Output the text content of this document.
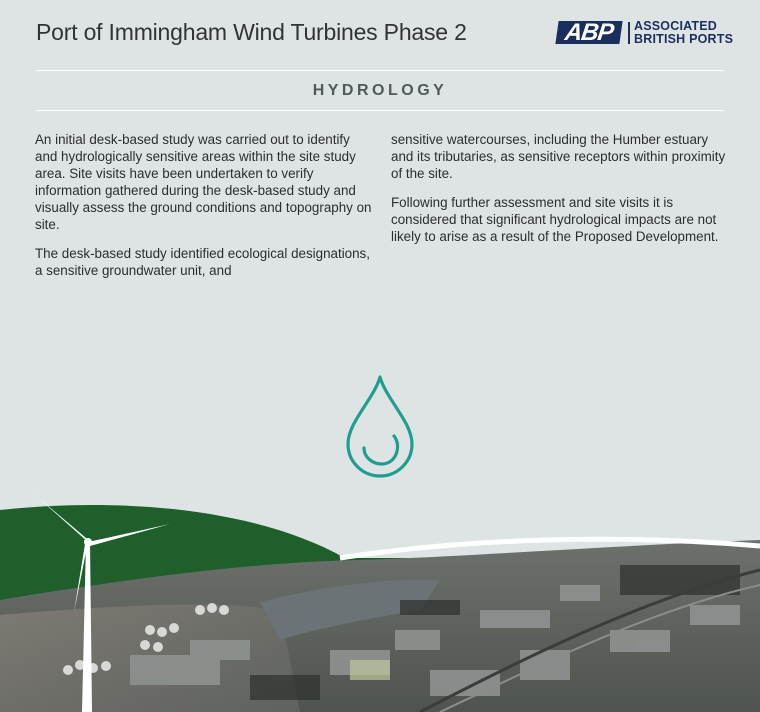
Port of Immingham Wind Turbines Phase 2	ABP	ASSOCIATED
BRITISH PORTS
HYDROLOGY

An initial desk-based study was carried out to identify and hydrologically sensitive areas within the site study area. Site visits have been undertaken to verify information gathered during the desk-based study and visually assess the ground conditions and topography on site.

The desk-based study identified ecological designations, a sensitive groundwater unit, and

sensitive watercourses, including the Humber estuary and its tributaries, as sensitive receptors within proximity of the site.

Following further assessment and site visits it is considered that significant hydrological impacts are not likely to arise as a result of the Proposed Development.
